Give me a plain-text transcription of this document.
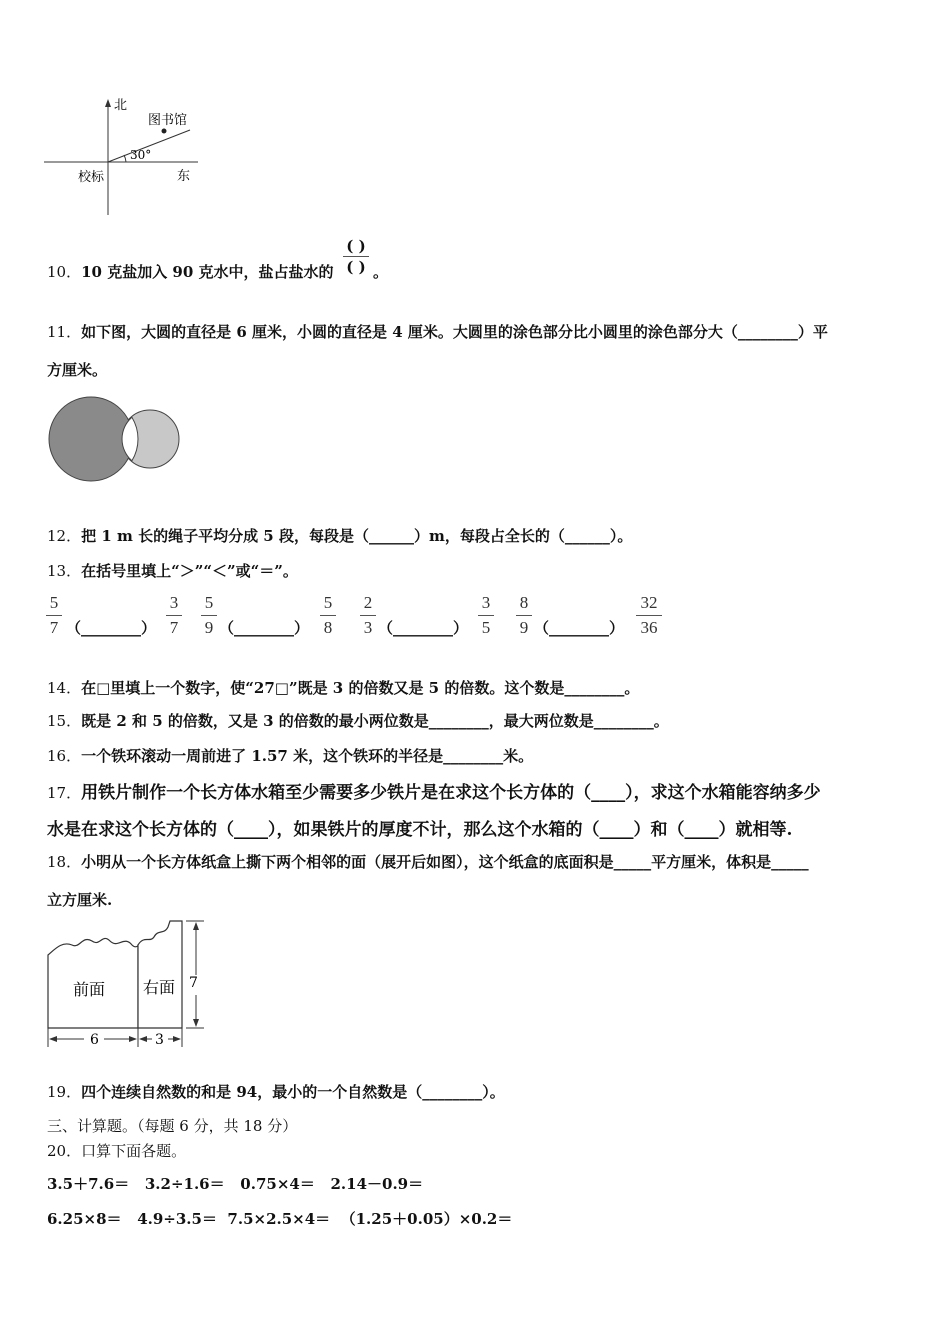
北
图书馆
30°
校标	东
10．10 克盐加入 90 克水中，盐占盐水的
( )
( ) 。
11．如下图，大圆的直径是 6 厘米，小圆的直径是 4 厘米。大圆里的涂色部分比小圆里的涂色部分大（________）平
方厘米。
12．把 1 m 长的绳子平均分成 5 段，每段是（______）m，每段占全长的（______）。
13．在括号里填上“＞”“＜”或“＝”。
5
7 （________）
3
7
5
9 （________）
5
8
2
3 （________）
3
5
8
9 （________）
32
36
14．在□里填上一个数字，使“27□”既是 3 的倍数又是 5 的倍数。这个数是________。
15．既是 2 和 5 的倍数，又是 3 的倍数的最小两位数是________，最大两位数是________。
16．一个铁环滚动一周前进了 1.57 米，这个铁环的半径是________米。
17．用铁片制作一个长方体水箱至少需要多少铁片是在求这个长方体的（____），求这个水箱能容纳多少
水是在求这个长方体的（____），如果铁片的厚度不计，那么这个水箱的（____）和（____）就相等.
18．小明从一个长方体纸盒上撕下两个相邻的面（展开后如图），这个纸盒的底面积是_____平方厘米，体积是_____
立方厘米.
前面 右面 7
6	3
19．四个连续自然数的和是 94，最小的一个自然数是（________）。
三、计算题。（每题 6 分，共 18 分）
20．口算下面各题。
3.5＋7.6＝   3.2÷1.6＝   0.75×4＝   2.14－0.9＝
6.25×8＝   4.9÷3.5＝  7.5×2.5×4＝  （1.25＋0.05）×0.2＝
